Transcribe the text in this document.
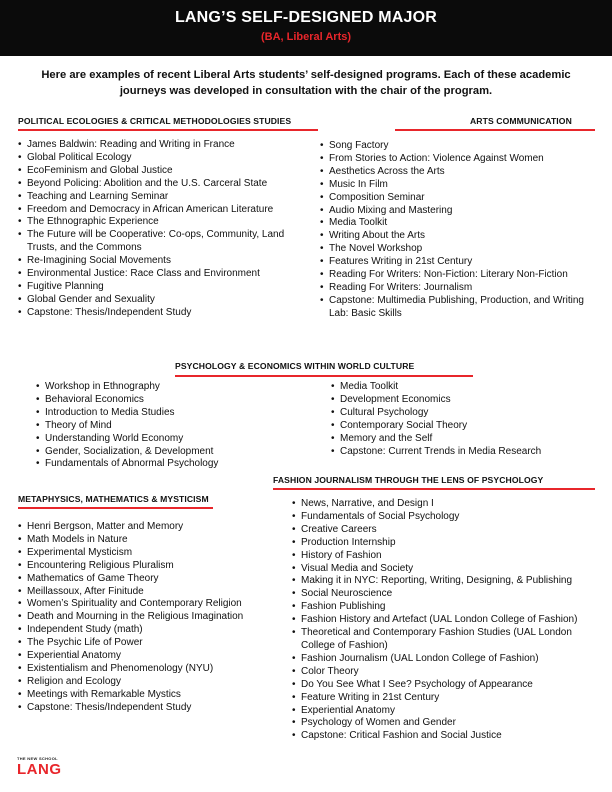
LANG’S SELF-DESIGNED MAJOR
(BA, Liberal Arts)

Here are examples of recent Liberal Arts students’ self-designed programs. Each of these academic journeys was developed in consultation with the chair of the program.

POLITICAL ECOLOGIES & CRITICAL METHODOLOGIES STUDIES
• James Baldwin: Reading and Writing in France
• Global Political Ecology
• EcoFeminism and Global Justice
• Beyond Policing: Abolition and the U.S. Carceral State
• Teaching and Learning Seminar
• Freedom and Democracy in African American Literature
• The Ethnographic Experience
• The Future will be Cooperative: Co-ops, Community, Land Trusts, and the Commons
• Re-Imagining Social Movements
• Environmental Justice: Race Class and Environment
• Fugitive Planning
• Global Gender and Sexuality
• Capstone: Thesis/Independent Study
ARTS COMMUNICATION
• Song Factory
• From Stories to Action: Violence Against Women
• Aesthetics Across the Arts
• Music In Film
• Composition Seminar
• Audio Mixing and Mastering
• Media Toolkit
• Writing About the Arts
• The Novel Workshop
• Features Writing in 21st Century
• Reading For Writers: Non-Fiction: Literary Non-Fiction
• Reading For Writers: Journalism
• Capstone: Multimedia Publishing, Production, and Writing Lab: Basic Skills
PSYCHOLOGY & ECONOMICS WITHIN WORLD CULTURE
• Workshop in Ethnography
• Behavioral Economics
• Introduction to Media Studies
• Theory of Mind
• Understanding World Economy
• Gender, Socialization, & Development
• Fundamentals of Abnormal Psychology
• Media Toolkit
• Development Economics
• Cultural Psychology
• Contemporary Social Theory
• Memory and the Self
• Capstone: Current Trends in Media Research
FASHION JOURNALISM THROUGH THE LENS OF PSYCHOLOGY
• News, Narrative, and Design I
• Fundamentals of Social Psychology
• Creative Careers
• Production Internship
• History of Fashion
• Visual Media and Society
• Making it in NYC: Reporting, Writing, Designing, & Publishing
• Social Neuroscience
• Fashion Publishing
• Fashion History and Artefact (UAL London College of Fashion)
• Theoretical and Contemporary Fashion Studies (UAL London College of Fashion)
• Fashion Journalism (UAL London College of Fashion)
• Color Theory
• Do You See What I See? Psychology of Appearance
• Feature Writing in 21st Century
• Experiential Anatomy
• Psychology of Women and Gender
• Capstone: Critical Fashion and Social Justice
METAPHYSICS, MATHEMATICS & MYSTICISM
• Henri Bergson, Matter and Memory
• Math Models in Nature
• Experimental Mysticism
• Encountering Religious Pluralism
• Mathematics of Game Theory
• Meillassoux, After Finitude
• Women’s Spirituality and Contemporary Religion
• Death and Mourning in the Religious Imagination
• Independent Study (math)
• The Psychic Life of Power
• Experiential Anatomy
• Existentialism and Phenomenology (NYU)
• Religion and Ecology
• Meetings with Remarkable Mystics
• Capstone: Thesis/Independent Study
THE NEW SCHOOL
LANG
